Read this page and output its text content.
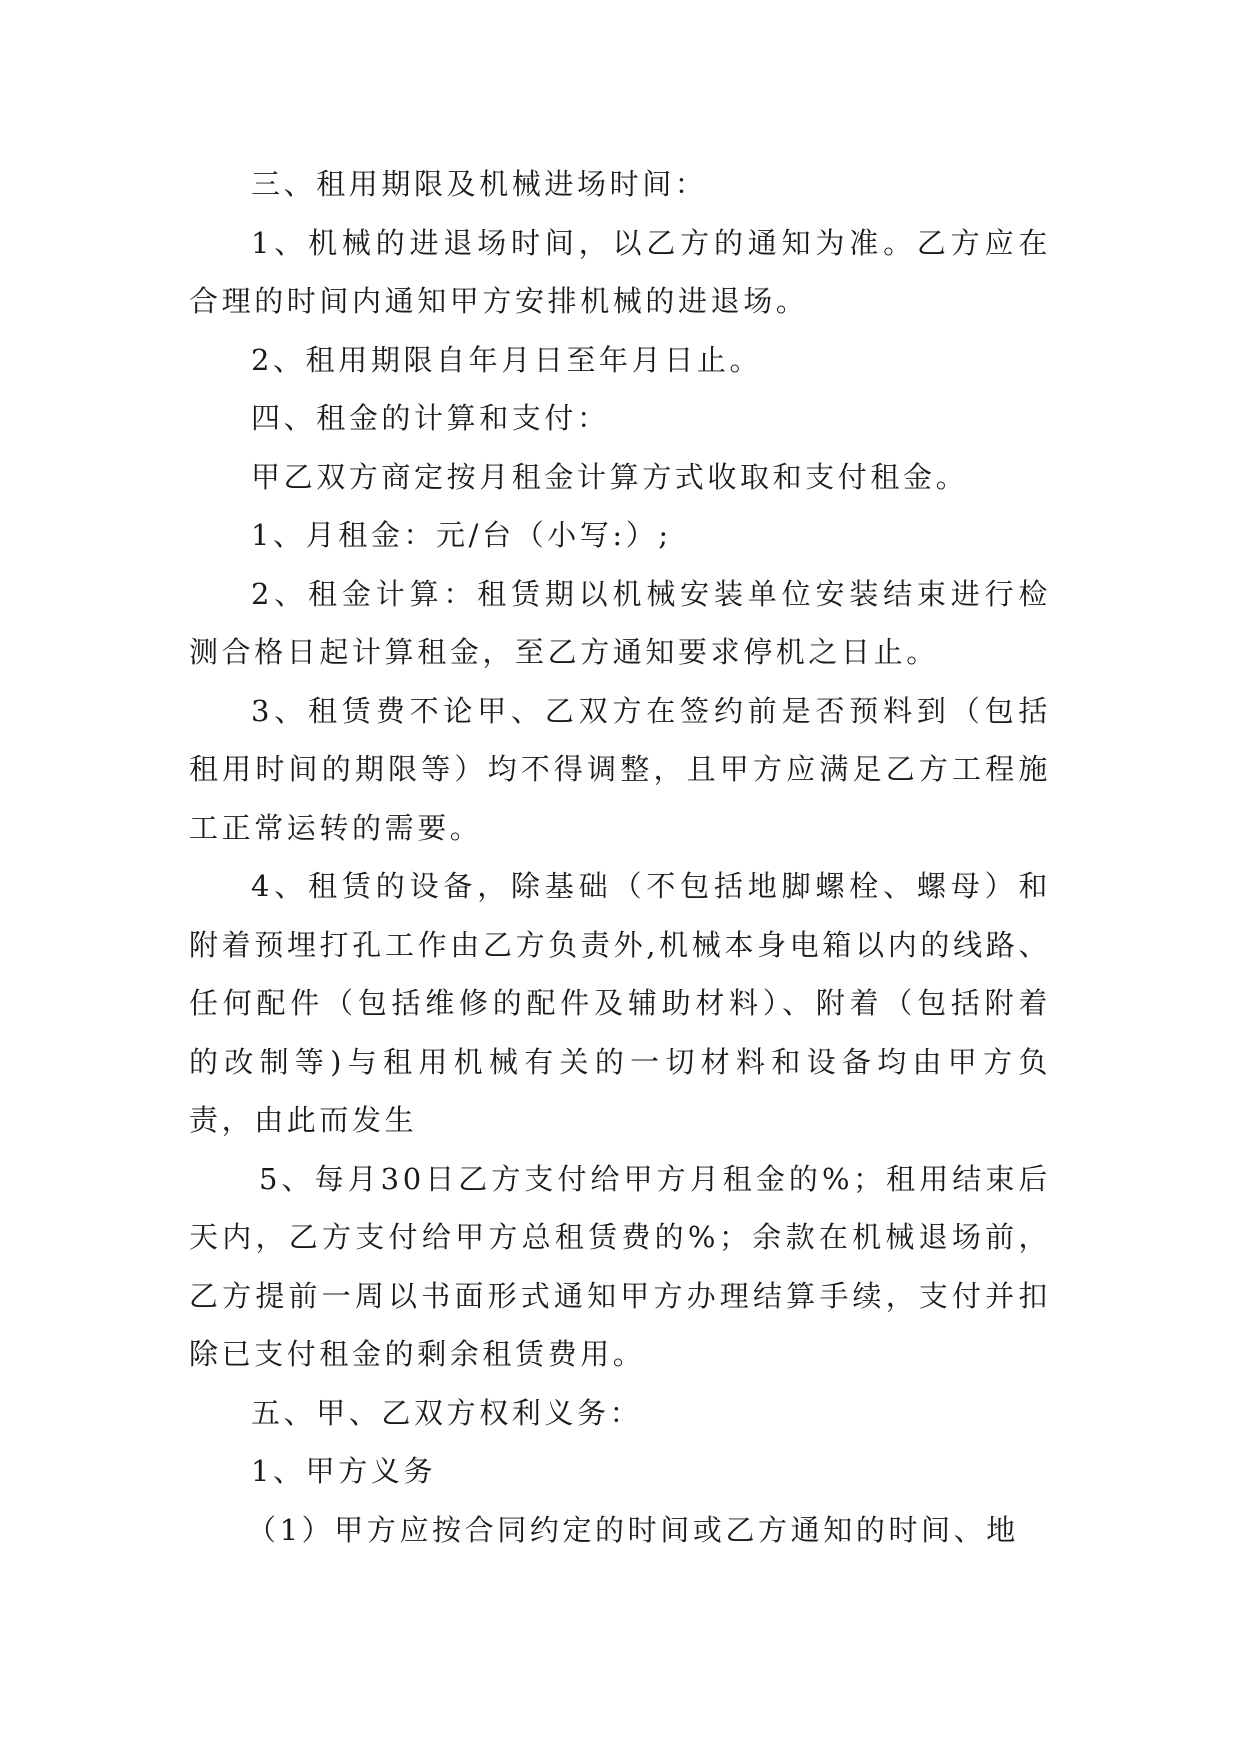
三、租用期限及机械进场时间：

1、机械的进退场时间，以乙方的通知为准。乙方应在合理的时间内通知甲方安排机械的进退场。

2、租用期限自年月日至年月日止。

四、租金的计算和支付：

甲乙双方商定按月租金计算方式收取和支付租金。

1、月租金：元/台（小写:）;

2、租金计算：租赁期以机械安装单位安装结束进行检测合格日起计算租金，至乙方通知要求停机之日止。

3、租赁费不论甲、乙双方在签约前是否预料到（包括租用时间的期限等）均不得调整，且甲方应满足乙方工程施工正常运转的需要。

4、租赁的设备，除基础（不包括地脚螺栓、螺母）和附着预埋打孔工作由乙方负责外,机械本身电箱以内的线路、任何配件（包括维修的配件及辅助材料）、附着（包括附着的改制等)与租用机械有关的一切材料和设备均由甲方负责，由此而发生

5、每月30日乙方支付给甲方月租金的%；租用结束后天内，乙方支付给甲方总租赁费的%；余款在机械退场前，乙方提前一周以书面形式通知甲方办理结算手续，支付并扣除已支付租金的剩余租赁费用。

五、甲、乙双方权利义务：

1、甲方义务

（1）甲方应按合同约定的时间或乙方通知的时间、地
